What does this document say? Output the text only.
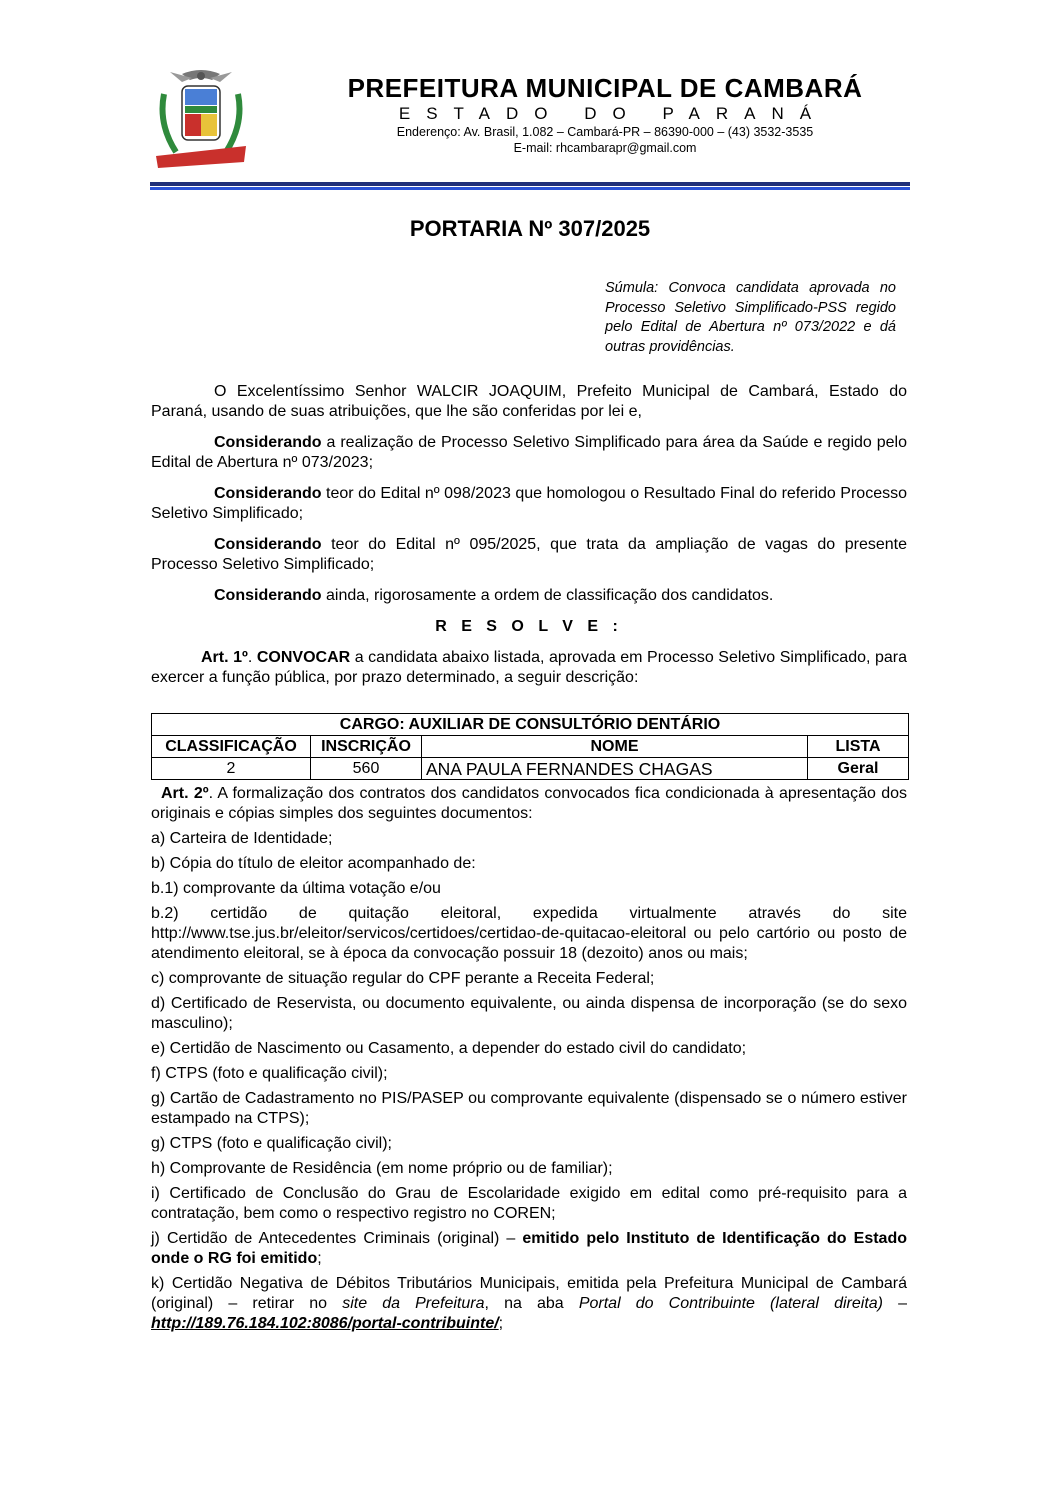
PREFEITURA MUNICIPAL DE CAMBARÁ
ESTADO DO PARANÁ
Enderenço: Av. Brasil, 1.082 – Cambará-PR – 86390-000 – (43) 3532-3535
E-mail: rhcambarapr@gmail.com
PORTARIA Nº 307/2025
Súmula: Convoca candidata aprovada no Processo Seletivo Simplificado-PSS regido pelo Edital de Abertura nº 073/2022 e dá outras providências.

O Excelentíssimo Senhor WALCIR JOAQUIM, Prefeito Municipal de Cambará, Estado do Paraná, usando de suas atribuições, que lhe são conferidas por lei e,

Considerando a realização de Processo Seletivo Simplificado para área da Saúde e regido pelo Edital de Abertura nº 073/2023;

Considerando teor do Edital nº 098/2023 que homologou o Resultado Final do referido Processo Seletivo Simplificado;

Considerando teor do Edital nº 095/2025, que trata da ampliação de vagas do presente Processo Seletivo Simplificado;

Considerando ainda, rigorosamente a ordem de classificação dos candidatos.

R E S O L V E :

Art. 1º. CONVOCAR a candidata abaixo listada, aprovada em Processo Seletivo Simplificado, para exercer a função pública, por prazo determinado, a seguir descrição:

CARGO: AUXILIAR DE CONSULTÓRIO DENTÁRIO			
CLASSIFICAÇÃO	INSCRIÇÃO	NOME	LISTA
2	560	ANA PAULA FERNANDES CHAGAS	Geral

Art. 2º. A formalização dos contratos dos candidatos convocados fica condicionada à apresentação dos originais e cópias simples dos seguintes documentos:

a) Carteira de Identidade;
b) Cópia do título de eleitor acompanhado de:
b.1) comprovante da última votação e/ou
b.2) certidão de quitação eleitoral, expedida virtualmente através do site http://www.tse.jus.br/eleitor/servicos/certidoes/certidao-de-quitacao-eleitoral ou pelo cartório ou posto de atendimento eleitoral, se à época da convocação possuir 18 (dezoito) anos ou mais;
c) comprovante de situação regular do CPF perante a Receita Federal;
d) Certificado de Reservista, ou documento equivalente, ou ainda dispensa de incorporação (se do sexo masculino);
e) Certidão de Nascimento ou Casamento, a depender do estado civil do candidato;
f) CTPS (foto e qualificação civil);
g) Cartão de Cadastramento no PIS/PASEP ou comprovante equivalente (dispensado se o número estiver estampado na CTPS);
g) CTPS (foto e qualificação civil);
h) Comprovante de Residência (em nome próprio ou de familiar);
i) Certificado de Conclusão do Grau de Escolaridade exigido em edital como pré-requisito para a contratação, bem como o respectivo registro no COREN;
j) Certidão de Antecedentes Criminais (original) – emitido pelo Instituto de Identificação do Estado onde o RG foi emitido;
k) Certidão Negativa de Débitos Tributários Municipais, emitida pela Prefeitura Municipal de Cambará (original) – retirar no site da Prefeitura, na aba Portal do Contribuinte (lateral direita) – http://189.76.184.102:8086/portal-contribuinte/;
